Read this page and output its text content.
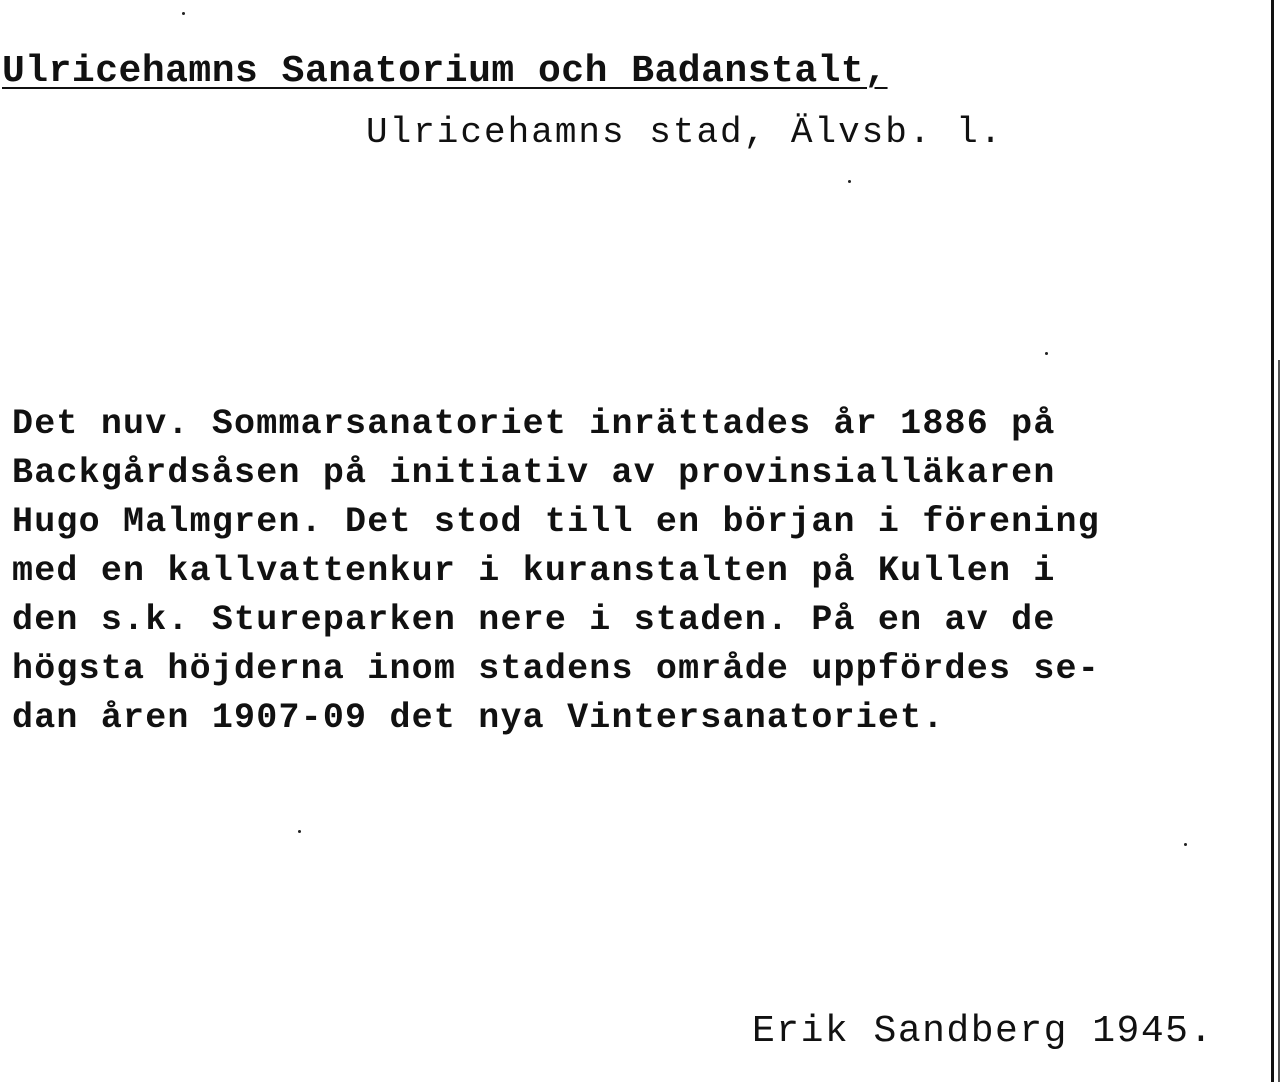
Ulricehamns Sanatorium och Badanstalt,
Ulricehamns stad, Älvsb. l.
Det nuv. Sommarsanatoriet inrättades år 1886 på
Backgårdsåsen på initiativ av provinsialläkaren
Hugo Malmgren. Det stod till en början i förening
med en kallvattenkur i kuranstalten på Kullen i
den s.k. Stureparken nere i staden. På en av de
högsta höjderna inom stadens område uppfördes se-
dan åren 1907-09 det nya Vintersanatoriet.
Erik Sandberg 1945.
